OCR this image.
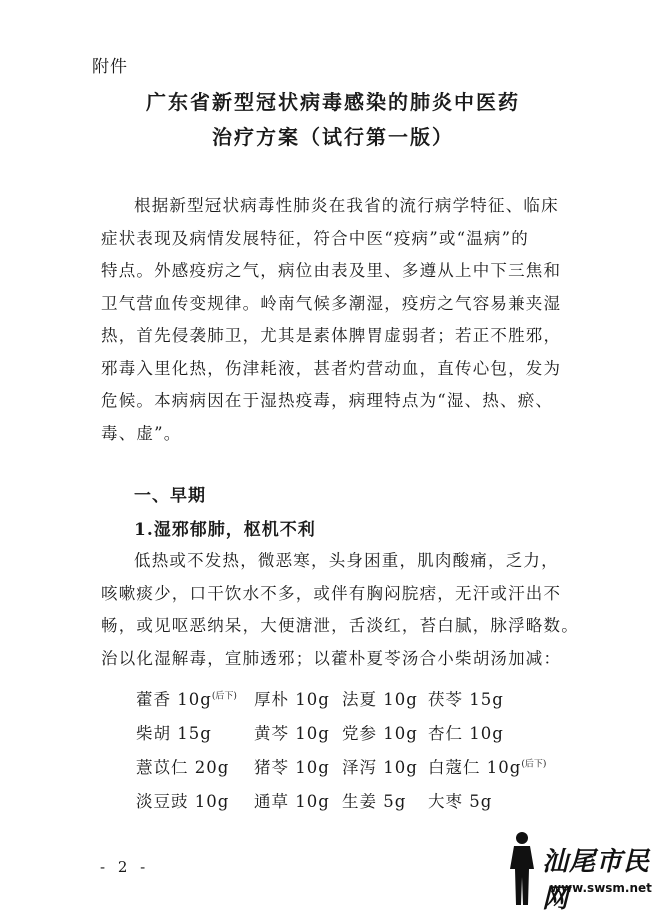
附件
广东省新型冠状病毒感染的肺炎中医药
治疗方案（试行第一版）
根据新型冠状病毒性肺炎在我省的流行病学特征、临床
症状表现及病情发展特征，符合中医“疫病”或“温病”的
特点。外感疫疠之气，病位由表及里、多遵从上中下三焦和
卫气营血传变规律。岭南气候多潮湿，疫疠之气容易兼夹湿
热，首先侵袭肺卫，尤其是素体脾胃虚弱者；若正不胜邪，
邪毒入里化热，伤津耗液，甚者灼营动血，直传心包，发为
危候。本病病因在于湿热疫毒，病理特点为“湿、热、瘀、
毒、虚”。
一、早期
1.湿邪郁肺，枢机不利
低热或不发热，微恶寒，头身困重，肌肉酸痛，乏力，
咳嗽痰少，口干饮水不多，或伴有胸闷脘痞，无汗或汗出不
畅，或见呕恶纳呆，大便溏泄，舌淡红，苔白腻，脉浮略数。
治以化湿解毒，宣肺透邪；以藿朴夏苓汤合小柴胡汤加减：
藿香 10g$^{(后下)}$ 厚朴 10g 法夏 10g 茯苓 15g
柴胡 15g	黄芩 10g 党参 10g 杏仁 10g
薏苡仁 20g 猪苓 10g 泽泻 10g 白蔻仁 10g$^{(后下)}$
淡豆豉 10g 通草 10g 生姜 5g 大枣 5g
- 2 -	汕尾市民网
www.swsm.net
